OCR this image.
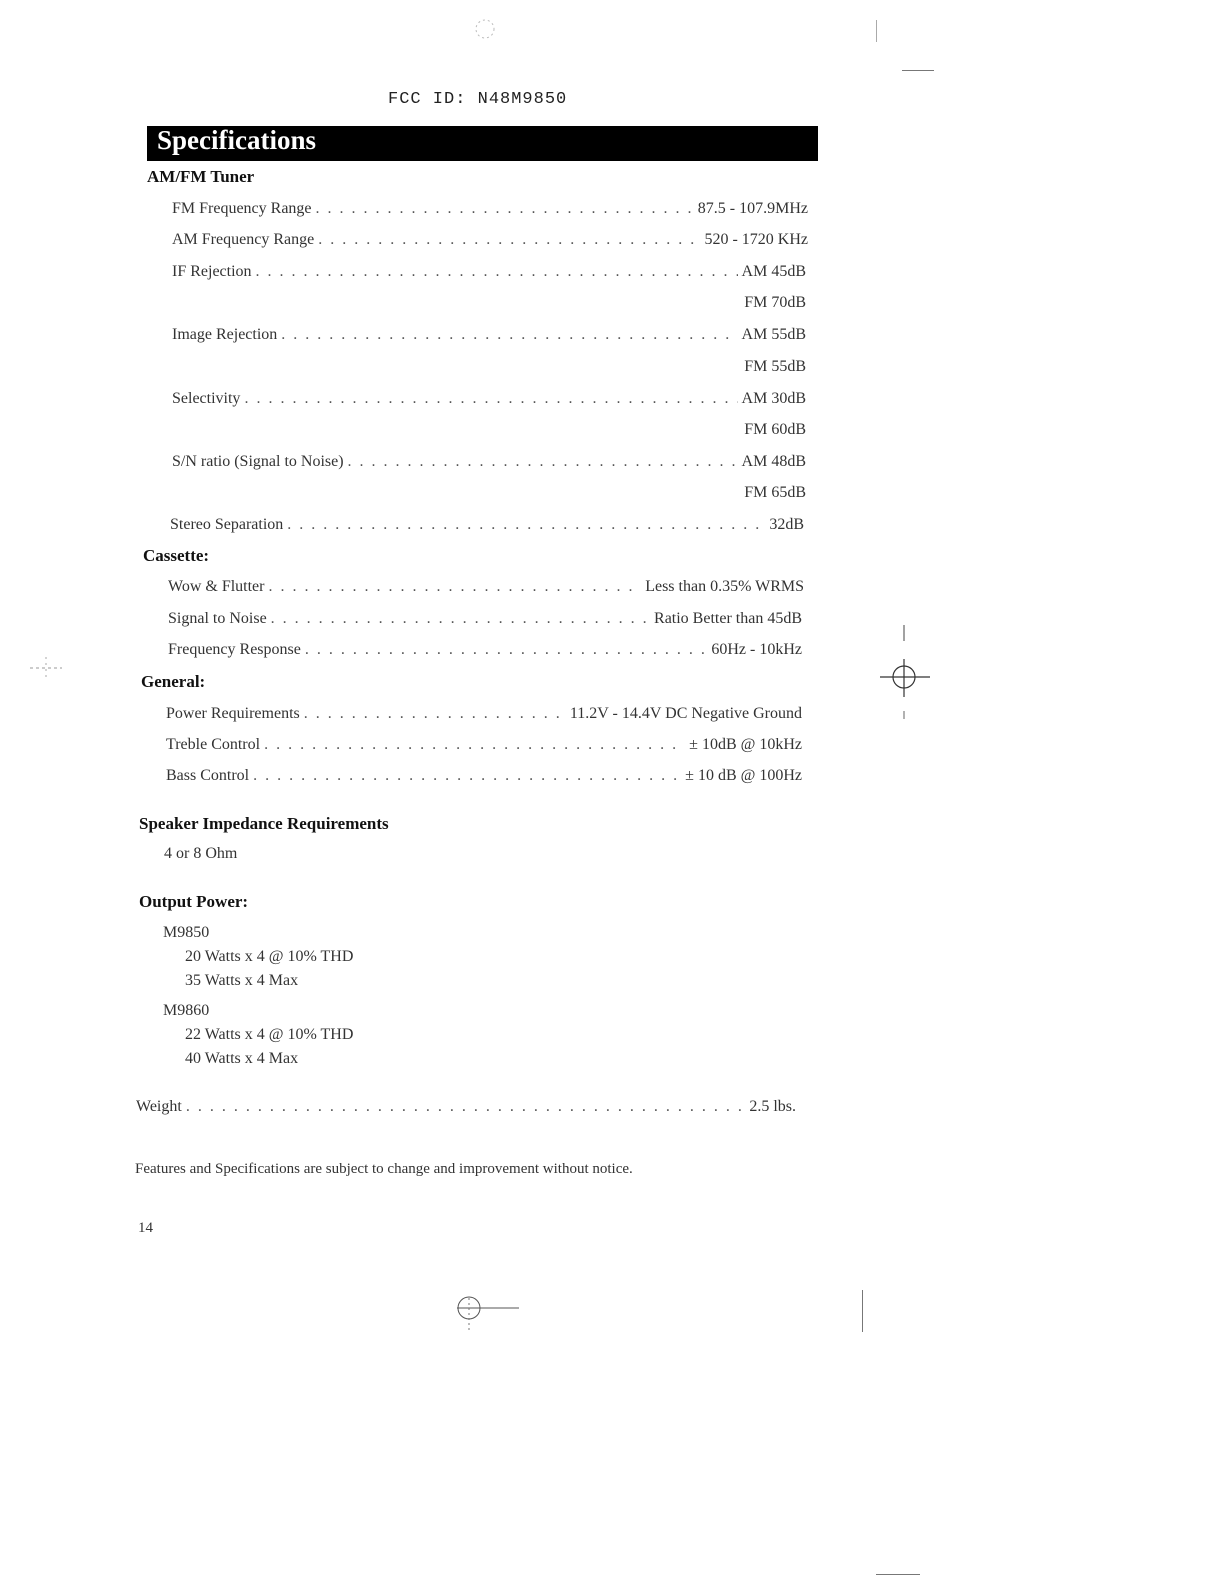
FCC ID: N48M9850
Specifications
AM/FM Tuner
FM Frequency Range . . .	87.5 - 107.9MHz
AM Frequency Range . . .	520 - 1720 KHz
IF Rejection . . .	AM 45dB
FM 70dB
Image Rejection . . .	AM 55dB
FM 55dB
Selectivity . . .	AM 30dB
FM 60dB
S/N ratio (Signal to Noise) . . .	AM 48dB
FM 65dB
Stereo Separation . . .	32dB
Cassette:
Wow & Flutter . . .	Less than 0.35% WRMS
Signal to Noise . . .	Ratio Better than 45dB
Frequency Response . . .	60Hz - 10kHz
General:
Power Requirements . . .	11.2V - 14.4V DC Negative Ground
Treble Control . . .	± 10dB @ 10kHz
Bass Control . . .	± 10 dB @ 100Hz
Speaker Impedance Requirements
4 or 8 Ohm
Output Power:
M9850
20 Watts x 4 @ 10% THD
35 Watts x 4 Max
M9860
22 Watts x 4 @ 10% THD
40 Watts x 4 Max
Weight . . .	2.5 lbs.
Features and Specifications are subject to change and improvement without notice.
14
